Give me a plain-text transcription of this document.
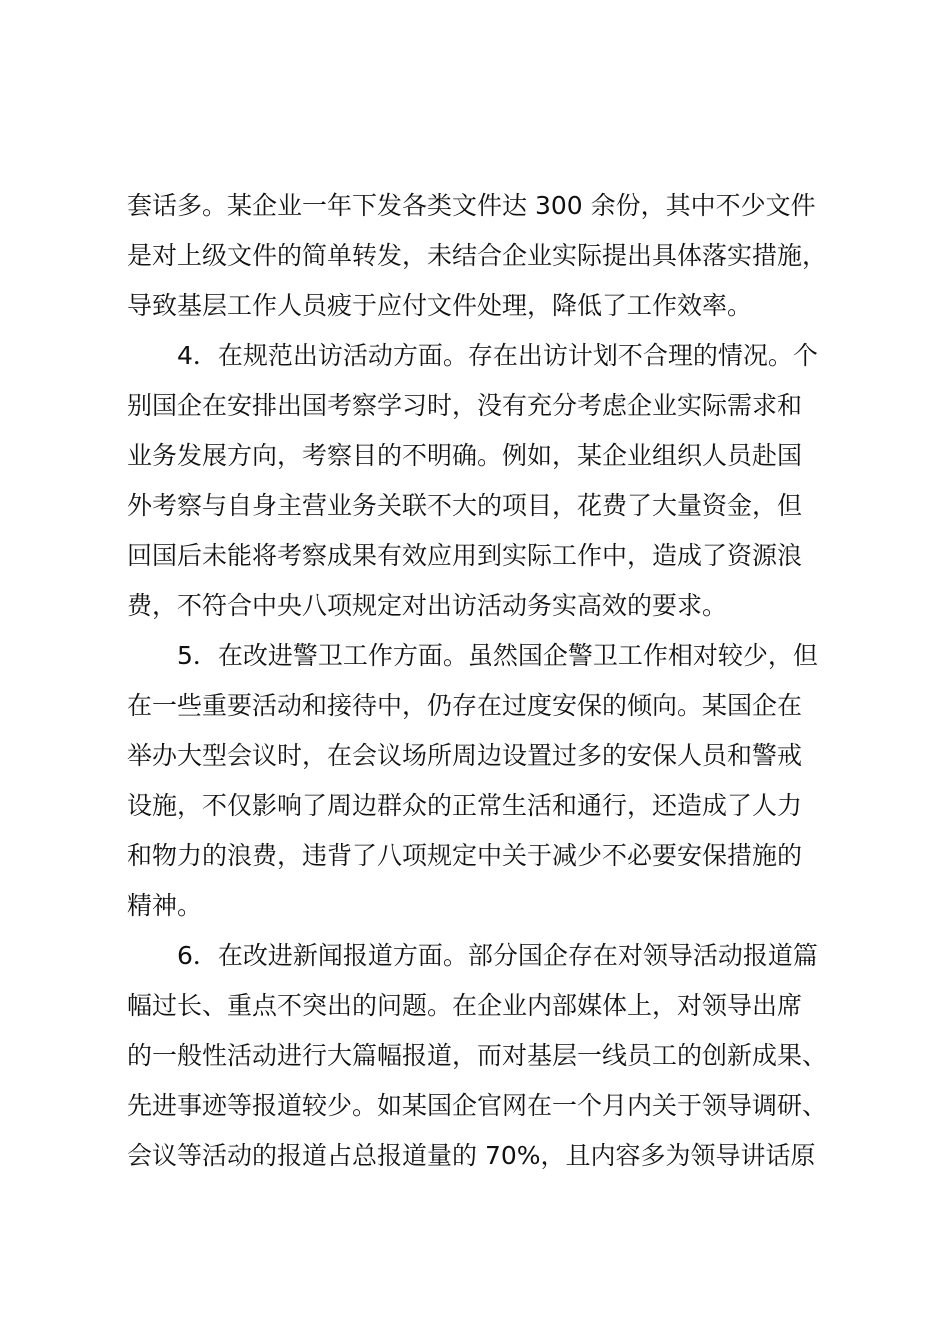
套话多。某企业一年下发各类文件达 300 余份，其中不少文件
是对上级文件的简单转发，未结合企业实际提出具体落实措施，
导致基层工作人员疲于应付文件处理，降低了工作效率。
4．在规范出访活动方面。存在出访计划不合理的情况。个
别国企在安排出国考察学习时，没有充分考虑企业实际需求和
业务发展方向，考察目的不明确。例如，某企业组织人员赴国
外考察与自身主营业务关联不大的项目，花费了大量资金，但
回国后未能将考察成果有效应用到实际工作中，造成了资源浪
费，不符合中央八项规定对出访活动务实高效的要求。
5．在改进警卫工作方面。虽然国企警卫工作相对较少，但
在一些重要活动和接待中，仍存在过度安保的倾向。某国企在
举办大型会议时，在会议场所周边设置过多的安保人员和警戒
设施，不仅影响了周边群众的正常生活和通行，还造成了人力
和物力的浪费，违背了八项规定中关于减少不必要安保措施的
精神。
6．在改进新闻报道方面。部分国企存在对领导活动报道篇
幅过长、重点不突出的问题。在企业内部媒体上，对领导出席
的一般性活动进行大篇幅报道，而对基层一线员工的创新成果、
先进事迹等报道较少。如某国企官网在一个月内关于领导调研、
会议等活动的报道占总报道量的 70%，且内容多为领导讲话原
